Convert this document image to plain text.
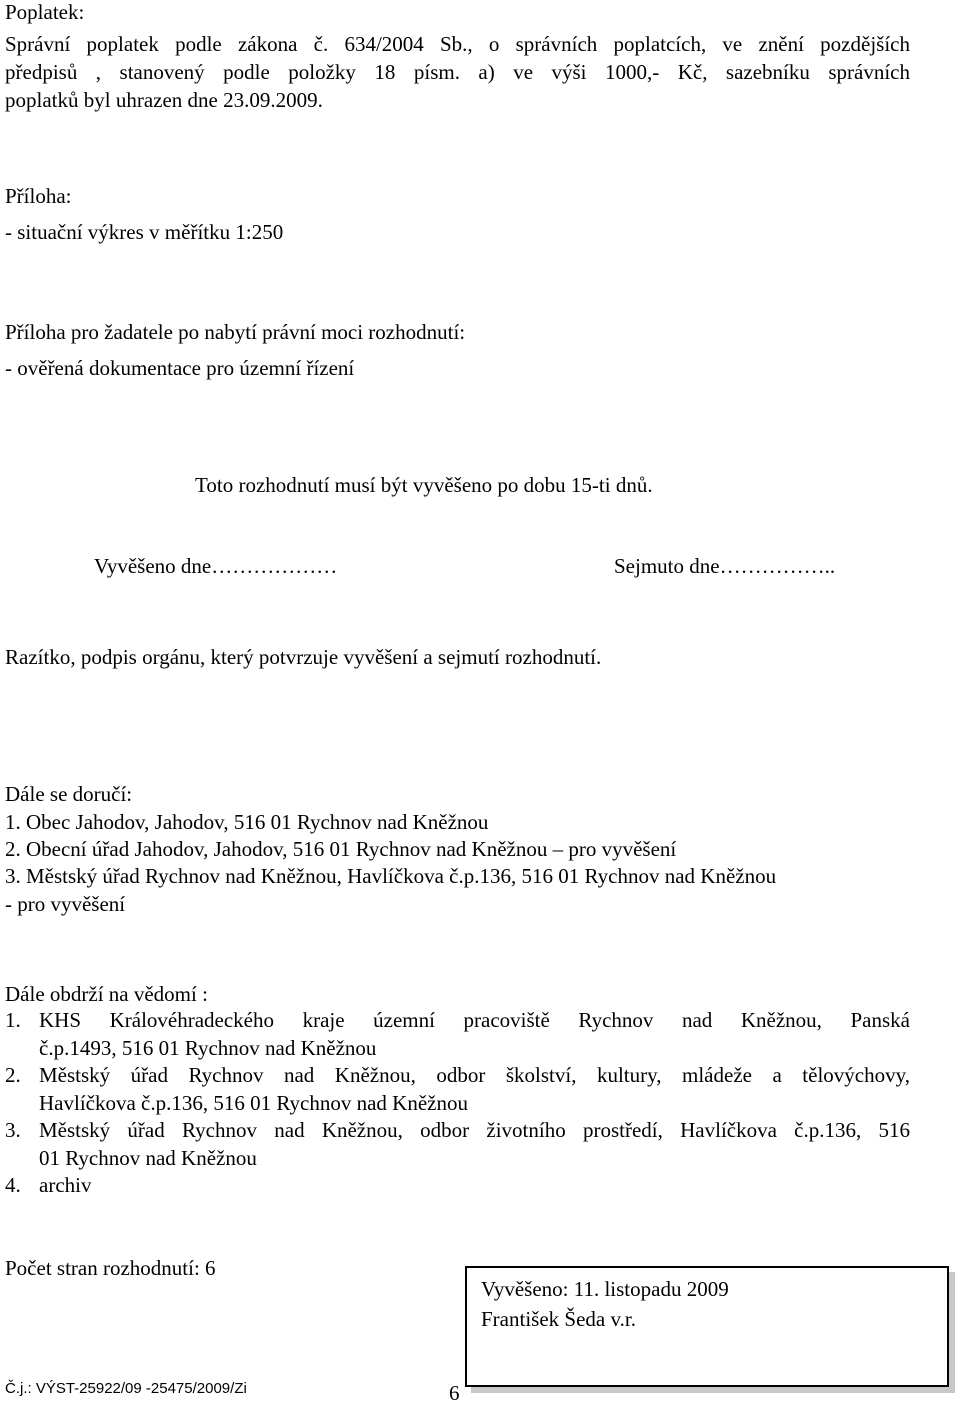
Poplatek:
Správní poplatek podle zákona č. 634/2004 Sb., o správních poplatcích, ve znění pozdějších
předpisů , stanovený podle položky 18 písm. a) ve výši 1000,- Kč, sazebníku správních
poplatků byl uhrazen dne 23.09.2009.
Příloha:
- situační výkres v měřítku 1:250
Příloha pro žadatele po nabytí právní moci rozhodnutí:
- ověřená dokumentace pro územní řízení
Toto rozhodnutí musí být vyvěšeno po dobu 15-ti dnů.
Vyvěšeno dne………………	Sejmuto dne……………..
Razítko, podpis orgánu, který potvrzuje vyvěšení a sejmutí rozhodnutí.
Dále se doručí:
1. Obec Jahodov, Jahodov, 516 01 Rychnov nad Kněžnou
2. Obecní úřad Jahodov, Jahodov, 516 01 Rychnov nad Kněžnou – pro vyvěšení
3. Městský úřad Rychnov nad Kněžnou, Havlíčkova č.p.136, 516 01 Rychnov nad Kněžnou
- pro vyvěšení
Dále obdrží na vědomí :
1. KHS Královéhradeckého kraje územní pracoviště Rychnov nad Kněžnou, Panská
č.p.1493, 516 01 Rychnov nad Kněžnou
2. Městský úřad Rychnov nad Kněžnou, odbor školství, kultury, mládeže a tělovýchovy,
Havlíčkova č.p.136, 516 01 Rychnov nad Kněžnou
3. Městský úřad Rychnov nad Kněžnou, odbor životního prostředí, Havlíčkova č.p.136, 516
01 Rychnov nad Kněžnou
4. archiv
Počet stran rozhodnutí: 6
Vyvěšeno: 11. listopadu 2009
František Šeda v.r.
Č.j.: VÝST-25922/09 -25475/2009/Zi	6
